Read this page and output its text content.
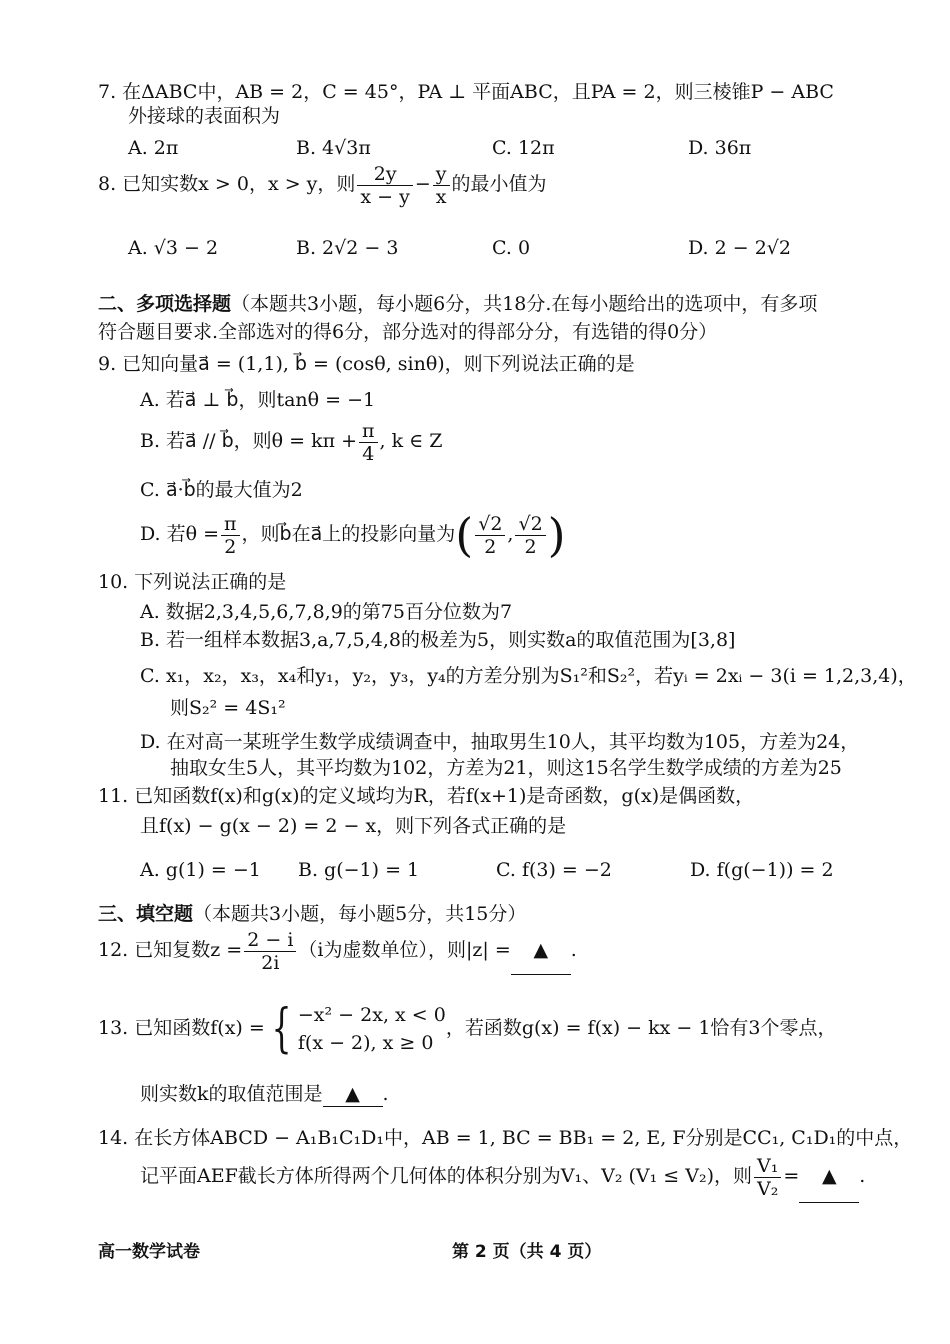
7. 在ΔABC中，AB = 2，C = 45°，PA ⊥ 平面ABC，且PA = 2，则三棱锥P − ABC
外接球的表面积为
A. 2π	B. 4√3π	C. 12π	D. 36π
8. 已知实数x > 0，x > y，则 $\frac{2y}{x - y} - \frac{y}{x}$ 的最小值为
A. √3 − 2	B. 2√2 − 3	C. 0	D. 2 − 2√2
二、多项选择题（本题共3小题，每小题6分，共18分.在每小题给出的选项中，有多项
符合题目要求.全部选对的得6分，部分选对的得部分分，有选错的得0分）
9. 已知向量a⃗ = (1,1), b⃗ = (cosθ, sinθ)，则下列说法正确的是
A. 若a⃗ ⊥ b⃗，则tanθ = −1
B. 若a⃗ // b⃗，则$\theta = k\pi + \frac{\pi}{4}$ , k ∈ Z
C. a⃗·b⃗的最大值为2
D. 若$\theta = \frac{\pi}{2}$ ，则b⃗在a⃗上的投影向量为( $\frac{√2}{2}$ , $\frac{√2}{2}$ )
10. 下列说法正确的是
A. 数据2,3,4,5,6,7,8,9的第75百分位数为7
B. 若一组样本数据3,a,7,5,4,8的极差为5，则实数a的取值范围为[3,8]
C. x₁，x₂，x₃，x₄和y₁，y₂，y₃，y₄的方差分别为S₁²和S₂²，若yᵢ = 2xᵢ − 3(i = 1,2,3,4)，
则S₂² = 4S₁²
D. 在对高一某班学生数学成绩调查中，抽取男生10人，其平均数为105，方差为24，
抽取女生5人，其平均数为102，方差为21，则这15名学生数学成绩的方差为25
11. 已知函数f(x)和g(x)的定义域均为R，若f(x+1)是奇函数，g(x)是偶函数，
且f(x) − g(x − 2) = 2 − x，则下列各式正确的是
A. g(1) = −1 B. g(−1) = 1	C. f(3) = −2	D. f(g(−1)) = 2
三、填空题（本题共3小题，每小题5分，共15分）
12. 已知复数$z = \frac{2 - i}{2i} (i$为虚数单位），则|z| = ▲ .
13. 已知函数f(x) = { −x² − 2x, x < 0
f(x − 2), x ≥ 0
，若函数g(x) = f(x) − kx − 1恰有3个零点，
则实数k的取值范围是 ▲ .
14. 在长方体ABCD − A₁B₁C₁D₁中，AB = 1, BC = BB₁ = 2, E, F分别是CC₁, C₁D₁的中点，
记平面AEF截长方体所得两个几何体的体积分别为V₁、V₂ (V₁ ≤ V₂)，则 $\frac{\text{V₁}}{\text{V₂}}$ = ▲ .
高一数学试卷	第 2 页（共 4 页）
